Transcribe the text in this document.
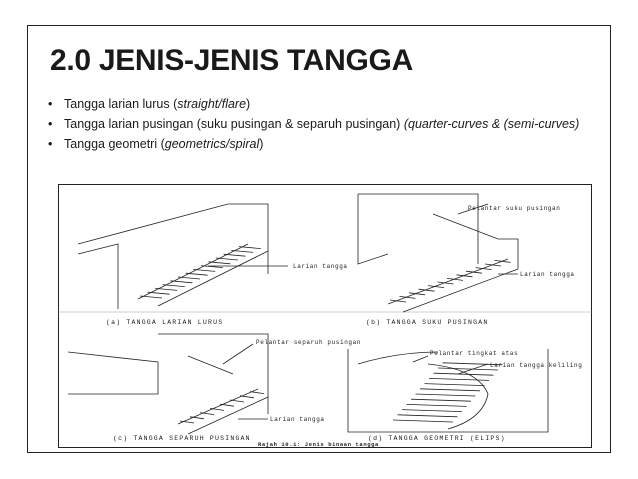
2.0 JENIS-JENIS TANGGA
• Tangga larian lurus (straight/flare)
• Tangga larian pusingan (suku pusingan & separuh pusingan) (quarter-curves & (semi-curves)
• Tangga geometri (geometrics/spiral)
Larian tangga
(a) TANGGA LARIAN LURUS
Pelantar suku pusingan
Larian tangga
(b) TANGGA SUKU PUSINGAN
Pelantar separuh pusingan
Larian tangga
(c) TANGGA SEPARUH PUSINGAN
Pelantar tingkat atas
Larian tangga keliling
(d) TANGGA GEOMETRI (ELIPS)
Rajah 10.1: Jenis binaan tangga
